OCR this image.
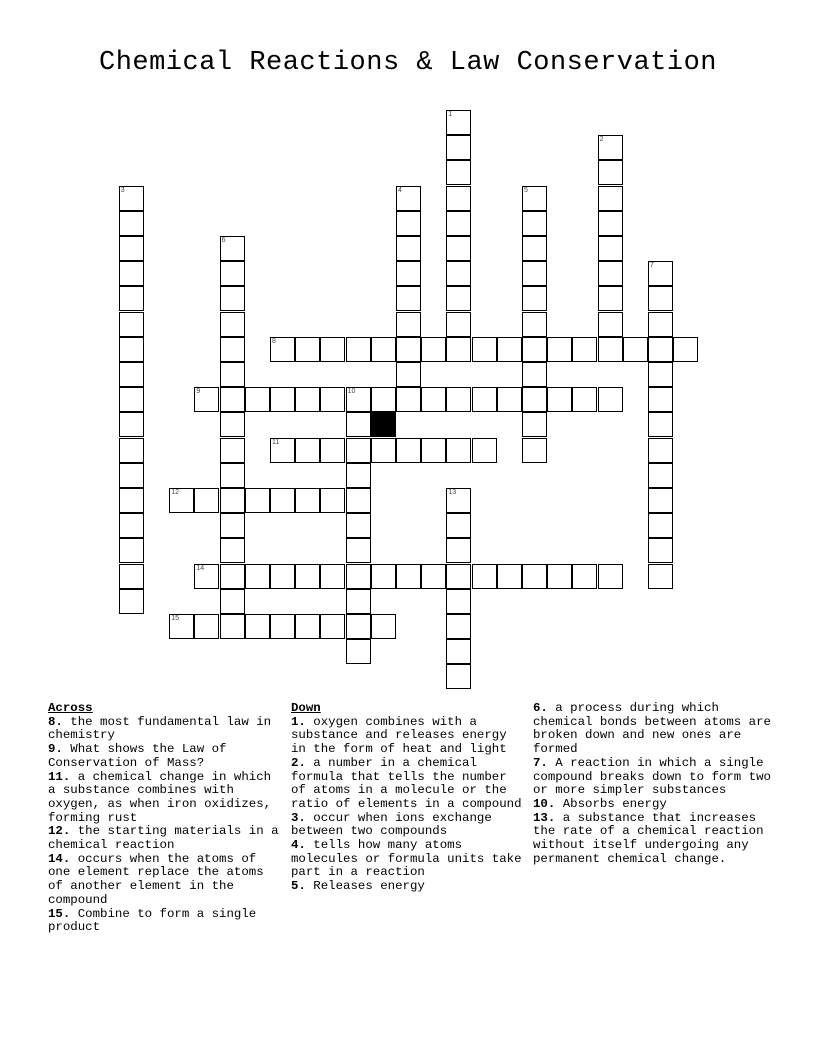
Chemical Reactions & Law Conservation
1
2
3	4	5
6
7
8
9	10
11
12	13
14
15
Across
8. the most fundamental law in chemistry
9. What shows the Law of Conservation of Mass?
11. a chemical change in which a substance combines with oxygen, as when iron oxidizes, forming rust
12. the starting materials in a chemical reaction
14. occurs when the atoms of one element replace the atoms of another element in the compound
15. Combine to form a single product
Down
1. oxygen combines with a substance and releases energy in the form of heat and light
2. a number in a chemical formula that tells the number of atoms in a molecule or the ratio of elements in a compound
3. occur when ions exchange between two compounds
4. tells how many atoms molecules or formula units take part in a reaction
5. Releases energy
6. a process during which chemical bonds between atoms are broken down and new ones are formed
7. A reaction in which a single compound breaks down to form two or more simpler substances
10. Absorbs energy
13. a substance that increases the rate of a chemical reaction without itself undergoing any permanent chemical change.
